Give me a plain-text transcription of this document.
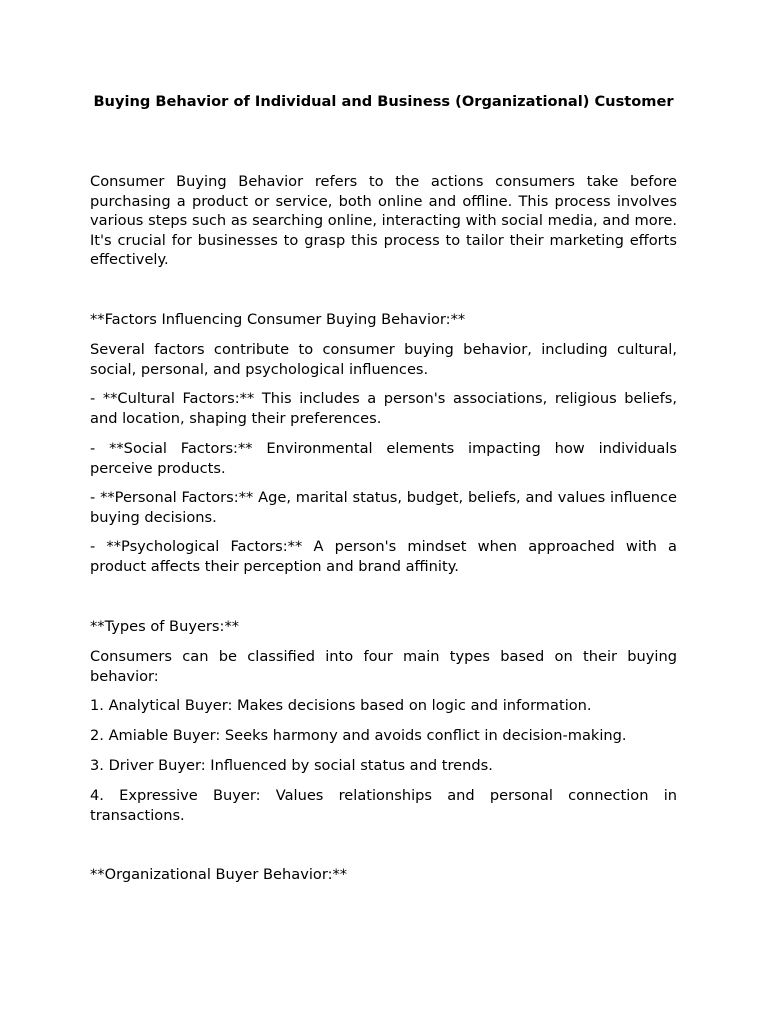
Buying Behavior of Individual and Business (Organizational) Customer

Consumer Buying Behavior refers to the actions consumers take before purchasing a product or service, both online and offline. This process involves various steps such as searching online, interacting with social media, and more. It's crucial for businesses to grasp this process to tailor their marketing efforts effectively.

**Factors Influencing Consumer Buying Behavior:**

Several factors contribute to consumer buying behavior, including cultural, social, personal, and psychological influences.

- **Cultural Factors:** This includes a person's associations, religious beliefs, and location, shaping their preferences.

- **Social Factors:** Environmental elements impacting how individuals perceive products.

- **Personal Factors:** Age, marital status, budget, beliefs, and values influence buying decisions.

- **Psychological Factors:** A person's mindset when approached with a product affects their perception and brand affinity.

**Types of Buyers:**

Consumers can be classified into four main types based on their buying behavior:

1. Analytical Buyer: Makes decisions based on logic and information.

2. Amiable Buyer: Seeks harmony and avoids conflict in decision-making.

3. Driver Buyer: Influenced by social status and trends.

4. Expressive Buyer: Values relationships and personal connection in transactions.

**Organizational Buyer Behavior:**
